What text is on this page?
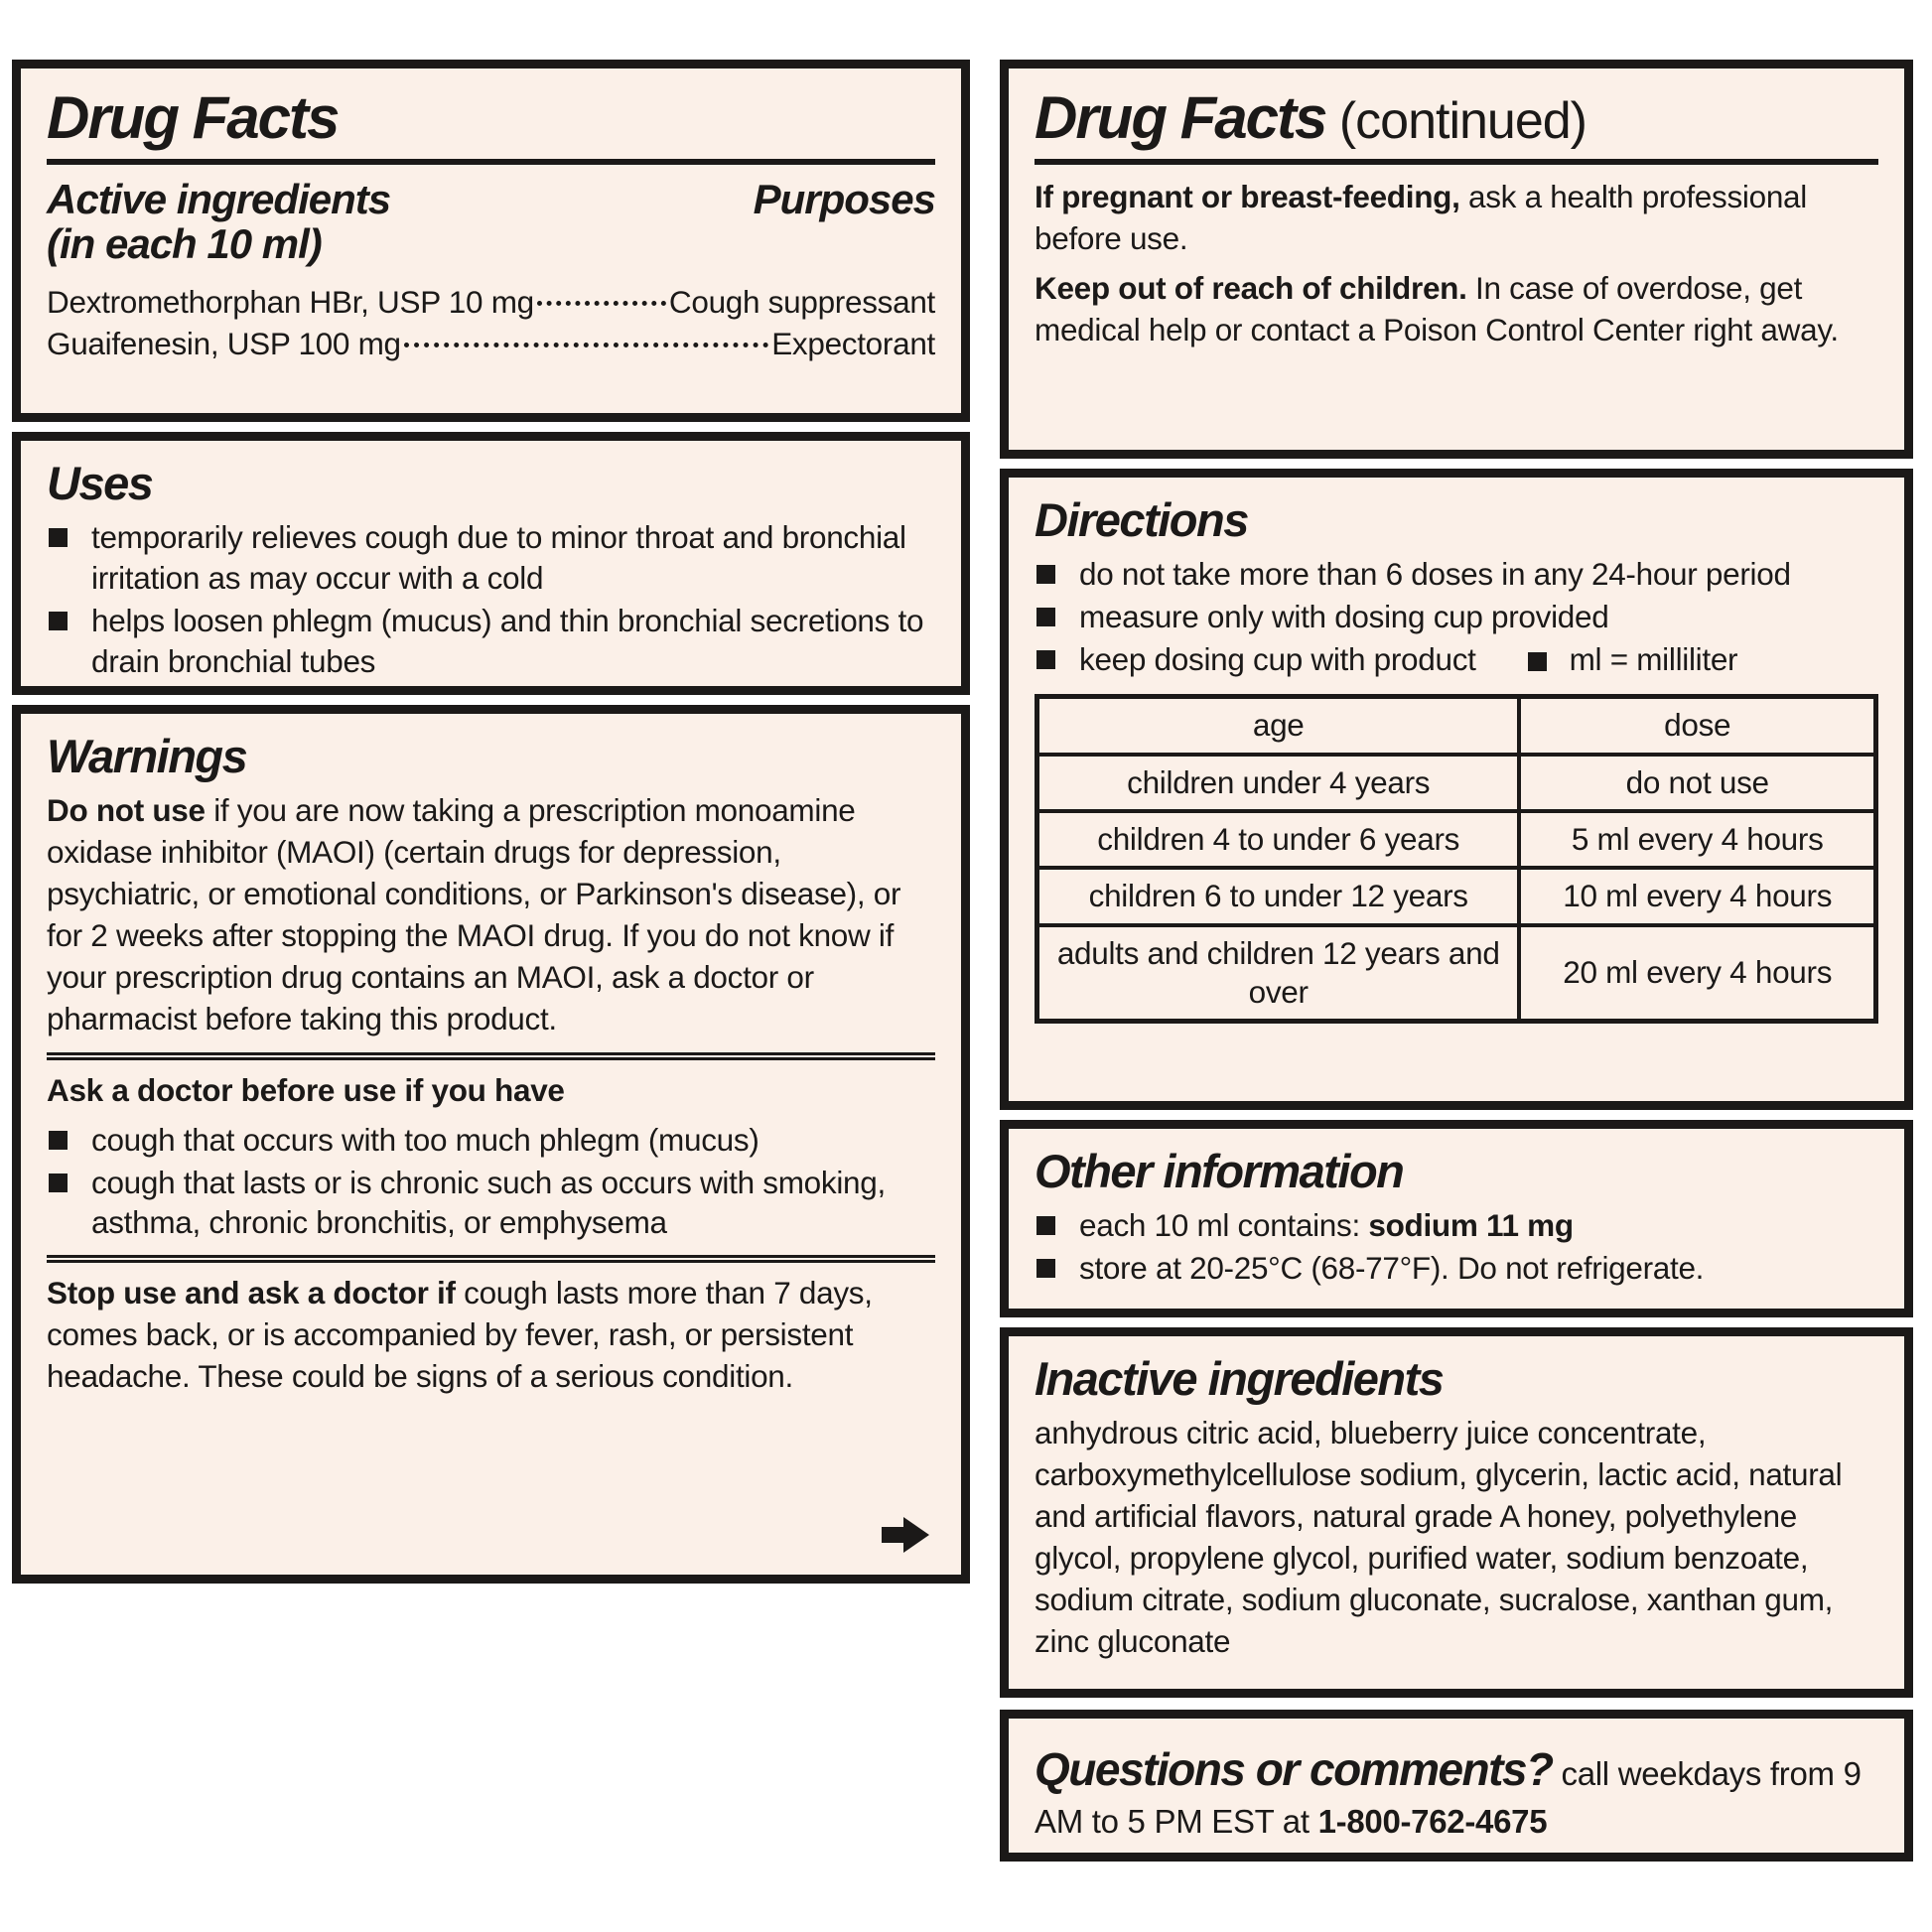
Drug Facts
Active ingredients
(in each 10 ml)
Purposes
Dextromethorphan HBr, USP 10 mg	Cough suppressant
Guaifenesin, USP 100 mg	Expectorant
Uses
temporarily relieves cough due to minor throat and bronchial irritation as may occur with a cold
helps loosen phlegm (mucus) and thin bronchial secretions to drain bronchial tubes
Warnings

Do not use if you are now taking a prescription monoamine oxidase inhibitor (MAOI) (certain drugs for depression, psychiatric, or emotional conditions, or Parkinson's disease), or for 2 weeks after stopping the MAOI drug. If you do not know if your prescription drug contains an MAOI, ask a doctor or pharmacist before taking this product.

Ask a doctor before use if you have

cough that occurs with too much phlegm (mucus)
cough that lasts or is chronic such as occurs with smoking, asthma, chronic bronchitis, or emphysema

Stop use and ask a doctor if cough lasts more than 7 days, comes back, or is accompanied by fever, rash, or persistent headache. These could be signs of a serious condition.

Drug Facts (continued)

If pregnant or breast-feeding, ask a health professional before use.

Keep out of reach of children. In case of overdose, get medical help or contact a Poison Control Center right away.

Directions
do not take more than 6 doses in any 24-hour period
measure only with dosing cup provided
keep dosing cup with product	ml = milliliter
age	dose
children under 4 years	do not use
children 4 to under 6 years	5 ml every 4 hours
children 6 to under 12 years	10 ml every 4 hours
adults and children 12 years and over	20 ml every 4 hours
Other information
each 10 ml contains: sodium 11 mg
store at 20-25°C (68-77°F). Do not refrigerate.
Inactive ingredients
anhydrous citric acid, blueberry juice concentrate, carboxymethylcellulose sodium, glycerin, lactic acid, natural and artificial flavors, natural grade A honey, polyethylene glycol, propylene glycol, purified water, sodium benzoate, sodium citrate, sodium gluconate, sucralose, xanthan gum, zinc gluconate
Questions or comments? call weekdays from 9 AM to 5 PM EST at 1-800-762-4675
